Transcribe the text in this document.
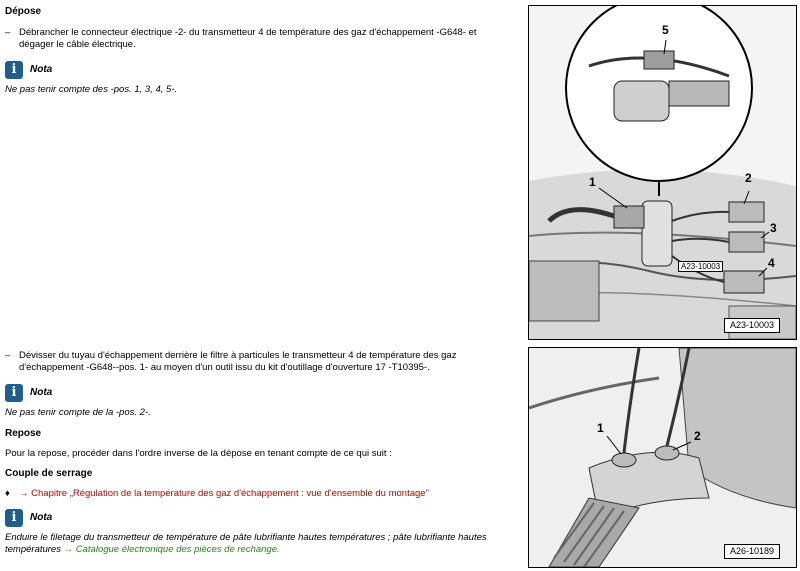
Dépose
– Débrancher le connecteur électrique -2- du transmetteur 4 de température des gaz d'échappement -G648- et dégager le câble électrique.
i	Nota
Ne pas tenir compte des -pos. 1, 3, 4, 5-.
– Dévisser du tuyau d'échappement derrière le filtre à particules le transmetteur 4 de température des gaz d'échappement -G648--pos. 1- au moyen d'un outil issu du kit d'outillage d'ouverture 17 -T10395-.
i	Nota
Ne pas tenir compte de la -pos. 2-.
Repose
Pour la repose, procéder dans l'ordre inverse de la dépose en tenant compte de ce qui suit :
Couple de serrage
♦ → Chapitre „Régulation de la température des gaz d'échappement : vue d'ensemble du montage"
i	Nota
Enduire le filetage du transmetteur de température de pâte lubrifiante hautes températures ; pâte lubrifiante hautes températures → Catalogue électronique des pièces de rechange.
1	2
3
4
5
A23-10003
A23-10003
1
2
A26-10189
